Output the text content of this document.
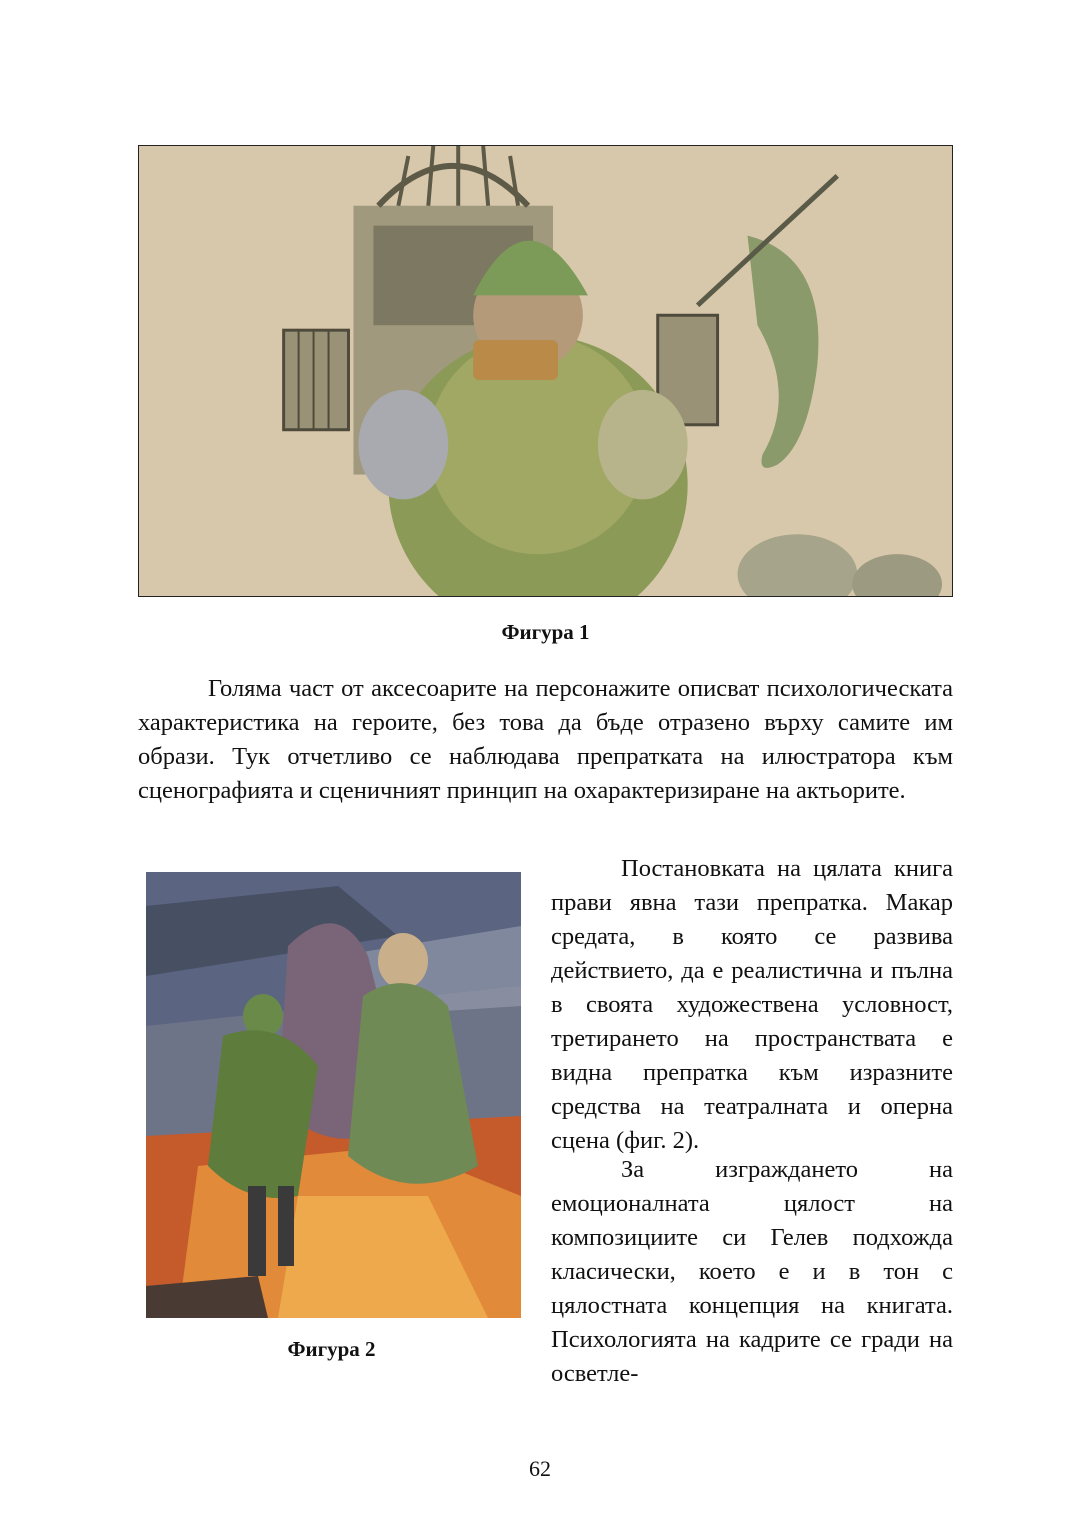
Фигура 1

Голяма част от аксесоарите на персонажите описват психологическата характеристика на героите, без това да бъде отразено върху самите им образи. Тук отчетливо се наблюдава препратката на илюстратора към сценографията и сценичният принцип на охарактеризиране на актьорите.

Фигура 2

Постановката на цялата книга прави явна тази препратка. Макар средата, в която се развива действието, да е реалистична и пълна в своята художествена условност, третирането на пространствата е видна препратка към изразните средства на театралната и оперна сцена (фиг. 2).

За изграждането на емоционалната цялост на композициите си Гелев подхожда класически, което е и в тон с цялостната концепция на книгата. Психологията на кадрите се гради на осветле-

62
